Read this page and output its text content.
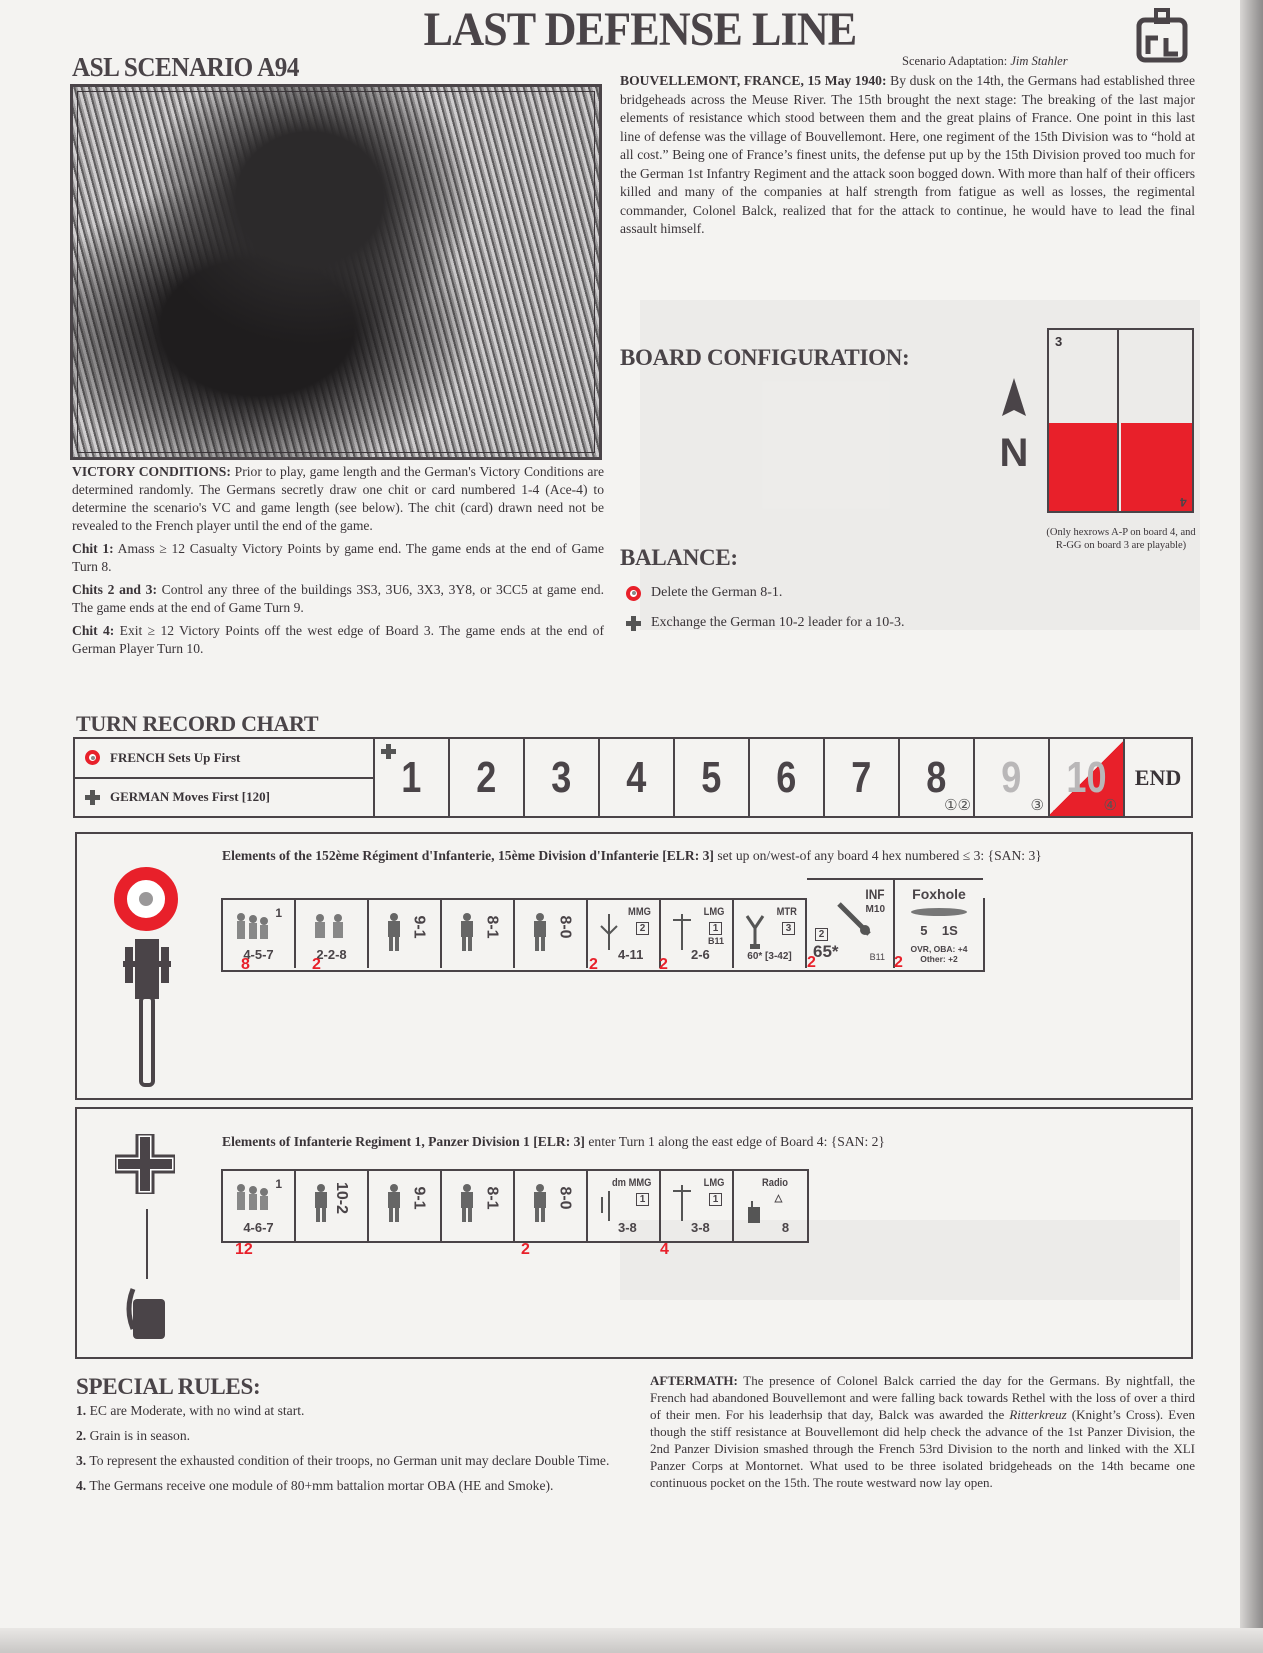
LAST DEFENSE LINE
ASL SCENARIO A94	Scenario Adaptation: Jim Stahler
BOUVELLEMONT, FRANCE, 15 May 1940: By dusk on the 14th, the Germans had established three bridgeheads across the Meuse River. The 15th brought the next stage: The breaking of the last major elements of resistance which stood between them and the great plains of France. One point in this last line of defense was the village of Bouvellemont. Here, one regiment of the 15th Division was to “hold at all cost.” Being one of France’s finest units, the defense put up by the 15th Division proved too much for the German 1st Infantry Regiment and the attack soon bogged down. With more than half of their officers killed and many of the companies at half strength from fatigue as well as losses, the regimental commander, Colonel Balck, realized that for the attack to continue, he would have to lead the final assault himself.
BOARD CONFIGURATION:
N
3
4
(Only hexrows A-P on board 4, and R-GG on board 3 are playable)
BALANCE:
Delete the German 8-1.
Exchange the German 10-2 leader for a 10-3.

VICTORY CONDITIONS: Prior to play, game length and the German's Victory Conditions are determined randomly. The Germans secretly draw one chit or card numbered 1-4 (Ace-4) to determine the scenario's VC and game length (see below). The chit (card) drawn need not be revealed to the French player until the end of the game.

Chit 1: Amass ≥ 12 Casualty Victory Points by game end. The game ends at the end of Game Turn 8.

Chits 2 and 3: Control any three of the buildings 3S3, 3U6, 3X3, 3Y8, or 3CC5 at game end. The game ends at the end of Game Turn 9.

Chit 4: Exit ≥ 12 Victory Points off the west edge of Board 3. The game ends at the end of German Player Turn 10.

TURN RECORD CHART
FRENCH Sets Up First
GERMAN Moves First [120]	1 2 3 4 5 6 7 8
①②
9
③
10
④
END
Elements of the 152ème Régiment d'Infanterie, 15ème Division d'Infanterie [ELR: 3] set up on/west-of any board 4 hex numbered ≤ 3: {SAN: 3}
1
4-5-7	2-2-8
9-1	8-1	8-0
MMG
2
4-11
LMG
1
B11
2-6
MTR
3
60* [3-42]
INF
M10
2
65*	B11
Foxhole
5    1S
OVR, OBA: +4 Other: +2
8	2	2	2	2	2
Elements of Infanterie Regiment 1, Panzer Division 1 [ELR: 3] enter Turn 1 along the east edge of Board 4: {SAN: 2}
1
4-6-7
10-2	9-1	8-1	8-0
dm MMG
1
3-8
LMG
1
3-8
Radio
△
8
12	2	4
SPECIAL RULES:

1. EC are Moderate, with no wind at start.

2. Grain is in season.

3. To represent the exhausted condition of their troops, no German unit may declare Double Time.

4. The Germans receive one module of 80+mm battalion mortar OBA (HE and Smoke).

AFTERMATH: The presence of Colonel Balck carried the day for the Germans. By nightfall, the French had abandoned Bouvellemont and were falling back towards Rethel with the loss of over a third of their men. For his leaderhsip that day, Balck was awarded the Ritterkreuz (Knight’s Cross). Even though the stiff resistance at Bouvellemont did help check the advance of the 1st Panzer Division, the 2nd Panzer Division smashed through the French 53rd Division to the north and linked with the XLI Panzer Corps at Montornet. What used to be three isolated bridgeheads on the 14th became one continuous pocket on the 15th. The route westward now lay open.
